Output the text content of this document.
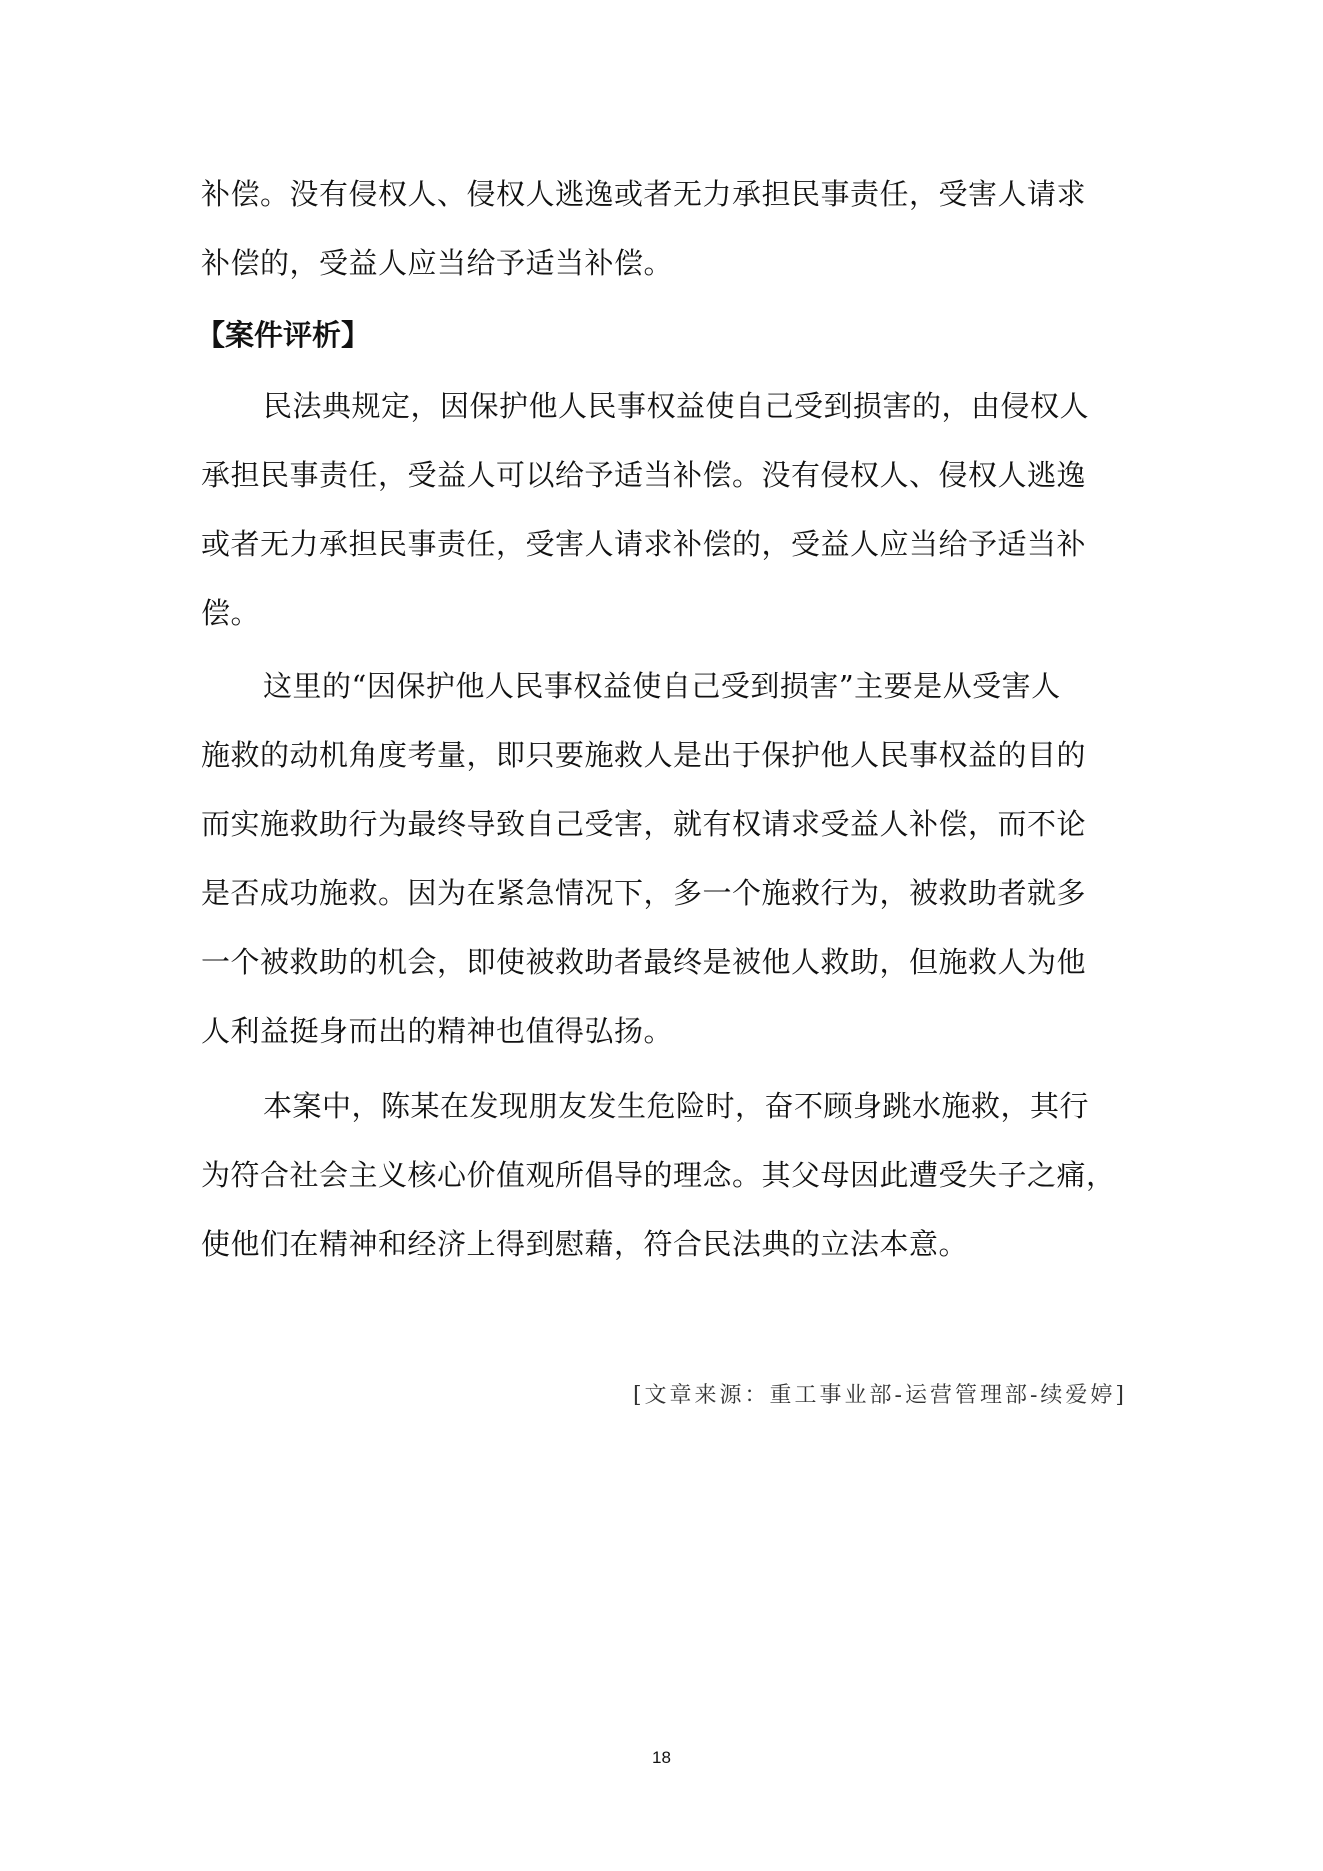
补偿。没有侵权人、侵权人逃逸或者无力承担民事责任，受害人请求
补偿的，受益人应当给予适当补偿。
【案件评析】
民法典规定，因保护他人民事权益使自己受到损害的，由侵权人
承担民事责任，受益人可以给予适当补偿。没有侵权人、侵权人逃逸
或者无力承担民事责任，受害人请求补偿的，受益人应当给予适当补
偿。
这里的“因保护他人民事权益使自己受到损害”主要是从受害人
施救的动机角度考量，即只要施救人是出于保护他人民事权益的目的
而实施救助行为最终导致自己受害，就有权请求受益人补偿，而不论
是否成功施救。因为在紧急情况下，多一个施救行为，被救助者就多
一个被救助的机会，即使被救助者最终是被他人救助，但施救人为他
人利益挺身而出的精神也值得弘扬。
本案中，陈某在发现朋友发生危险时，奋不顾身跳水施救，其行
为符合社会主义核心价值观所倡导的理念。其父母因此遭受失子之痛，
使他们在精神和经济上得到慰藉，符合民法典的立法本意。
[文章来源：重工事业部-运营管理部-续爱婷]
18
